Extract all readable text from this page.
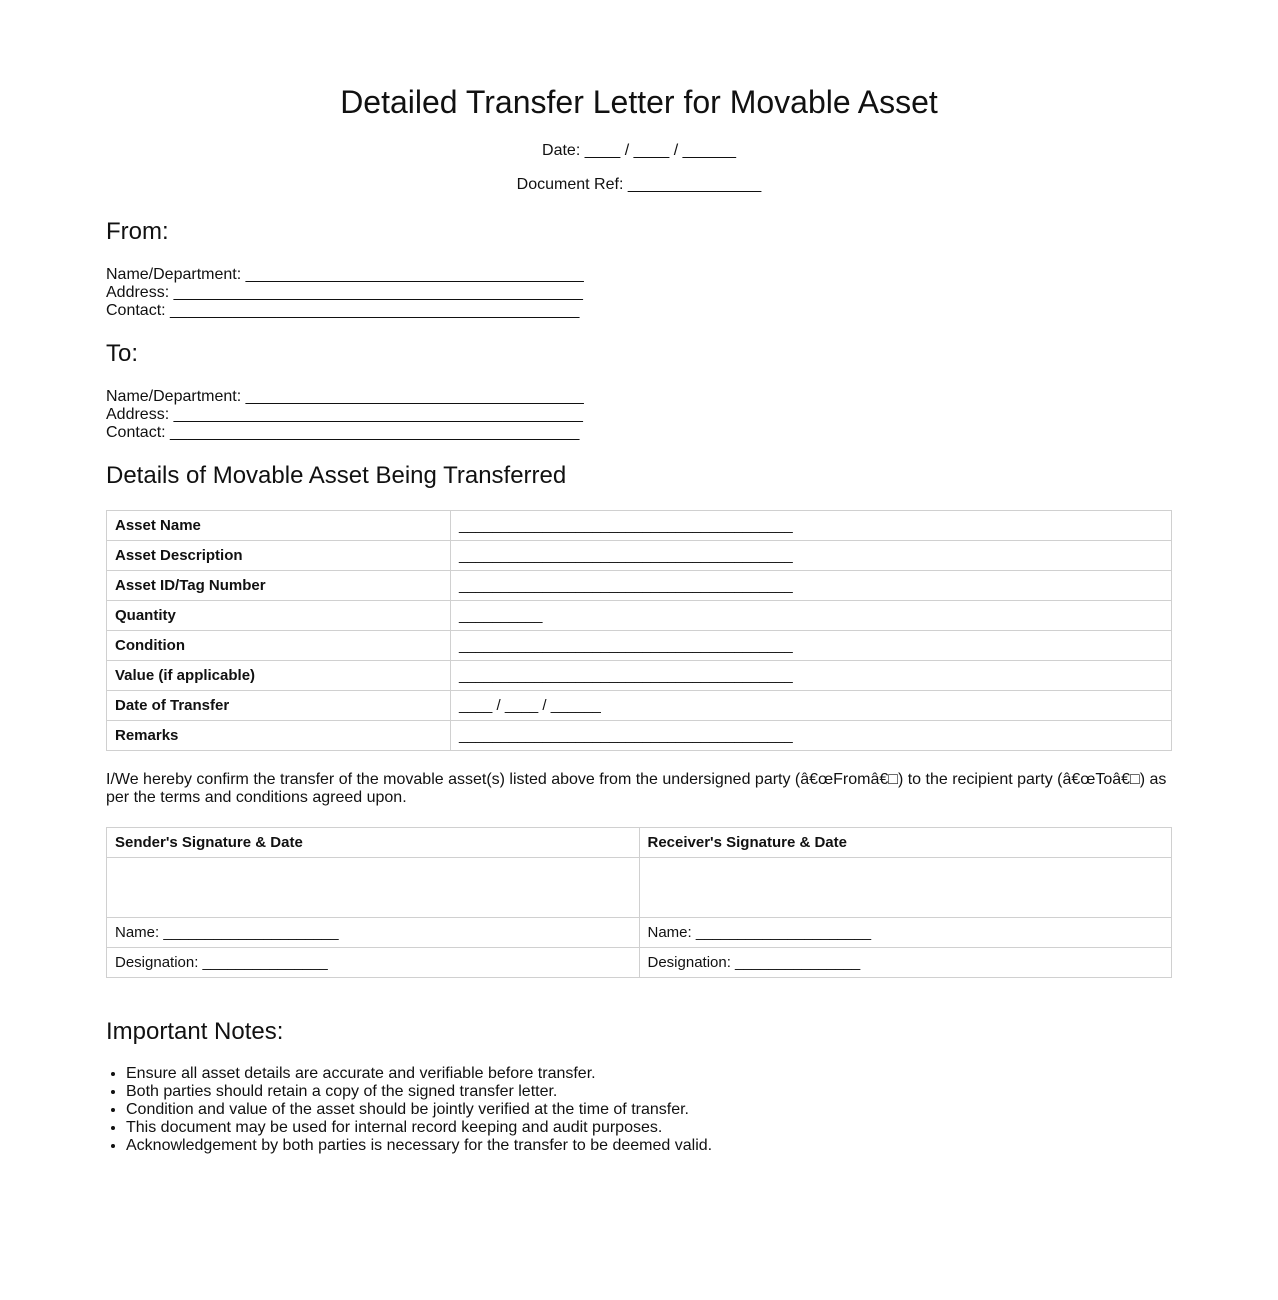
Detailed Transfer Letter for Movable Asset
Date: ____ / ____ / ______
Document Ref: _______________
From:
Name/Department: ______________________________________
Address: ______________________________________________
Contact: ______________________________________________
To:
Name/Department: ______________________________________
Address: ______________________________________________
Contact: ______________________________________________
Details of Movable Asset Being Transferred
Asset Name	________________________________________
Asset Description	________________________________________
Asset ID/Tag Number	________________________________________
Quantity	__________
Condition	________________________________________
Value (if applicable)	________________________________________
Date of Transfer	____ / ____ / ______
Remarks	________________________________________
I/We hereby confirm the transfer of the movable asset(s) listed above from the undersigned party (â€œFromâ€□) to the recipient party (â€œToâ€□) as per the terms and conditions agreed upon.
Sender's Signature & Date	Receiver's Signature & Date

Name: _____________________	Name: _____________________
Designation: _______________	Designation: _______________
Important Notes:
• Ensure all asset details are accurate and verifiable before transfer.
• Both parties should retain a copy of the signed transfer letter.
• Condition and value of the asset should be jointly verified at the time of transfer.
• This document may be used for internal record keeping and audit purposes.
• Acknowledgement by both parties is necessary for the transfer to be deemed valid.
